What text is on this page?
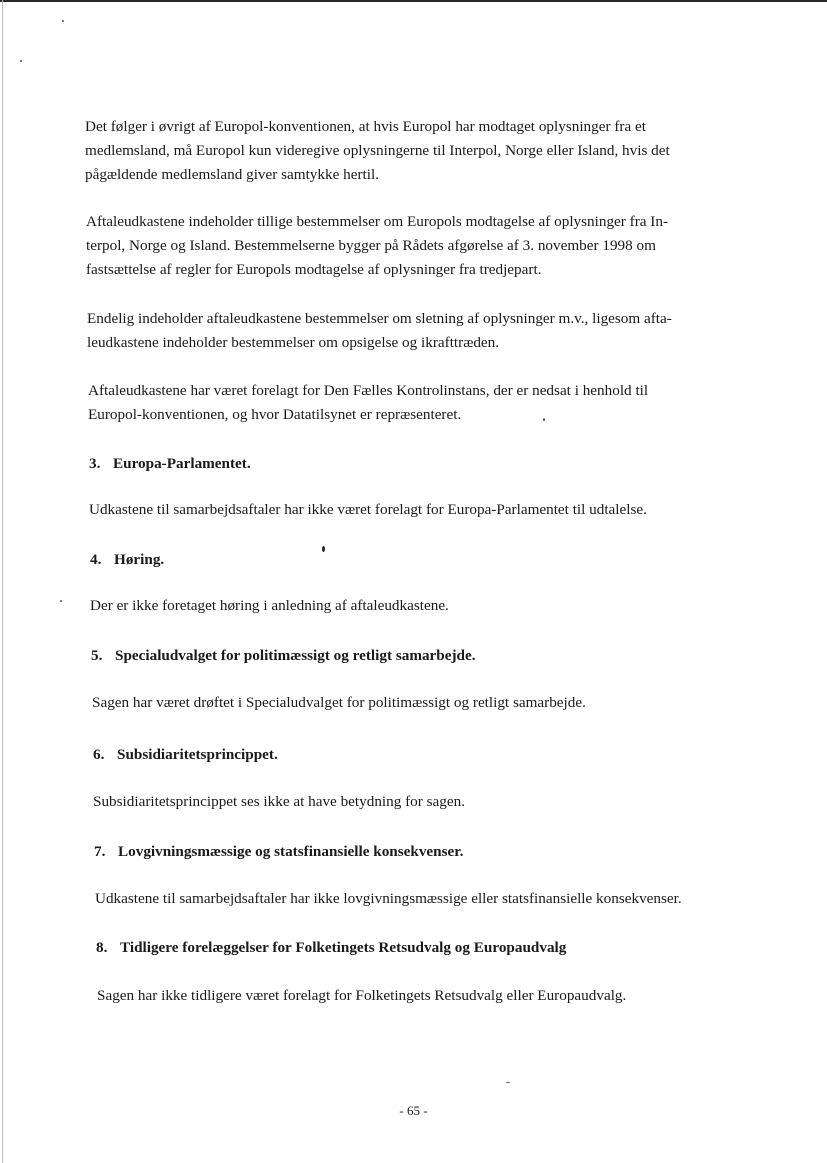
Det følger i øvrigt af Europol-konventionen, at hvis Europol har modtaget oplysninger fra et
medlemsland, må Europol kun videregive oplysningerne til Interpol, Norge eller Island, hvis det
pågældende medlemsland giver samtykke hertil.
Aftaleudkastene indeholder tillige bestemmelser om Europols modtagelse af oplysninger fra In-
terpol, Norge og Island. Bestemmelserne bygger på Rådets afgørelse af 3. november 1998 om
fastsættelse af regler for Europols modtagelse af oplysninger fra tredjepart.
Endelig indeholder aftaleudkastene bestemmelser om sletning af oplysninger m.v., ligesom afta-
leudkastene indeholder bestemmelser om opsigelse og ikrafttræden.
Aftaleudkastene har været forelagt for Den Fælles Kontrolinstans, der er nedsat i henhold til
Europol-konventionen, og hvor Datatilsynet er repræsenteret.
3. Europa-Parlamentet.
Udkastene til samarbejdsaftaler har ikke været forelagt for Europa-Parlamentet til udtalelse.
4. Høring.
Der er ikke foretaget høring i anledning af aftaleudkastene.
5. Specialudvalget for politimæssigt og retligt samarbejde.
Sagen har været drøftet i Specialudvalget for politimæssigt og retligt samarbejde.
6. Subsidiaritetsprincippet.
Subsidiaritetsprincippet ses ikke at have betydning for sagen.
7. Lovgivningsmæssige og statsfinansielle konsekvenser.
Udkastene til samarbejdsaftaler har ikke lovgivningsmæssige eller statsfinansielle konsekvenser.
8. Tidligere forelæggelser for Folketingets Retsudvalg og Europaudvalg
Sagen har ikke tidligere været forelagt for Folketingets Retsudvalg eller Europaudvalg.
- 65 -
